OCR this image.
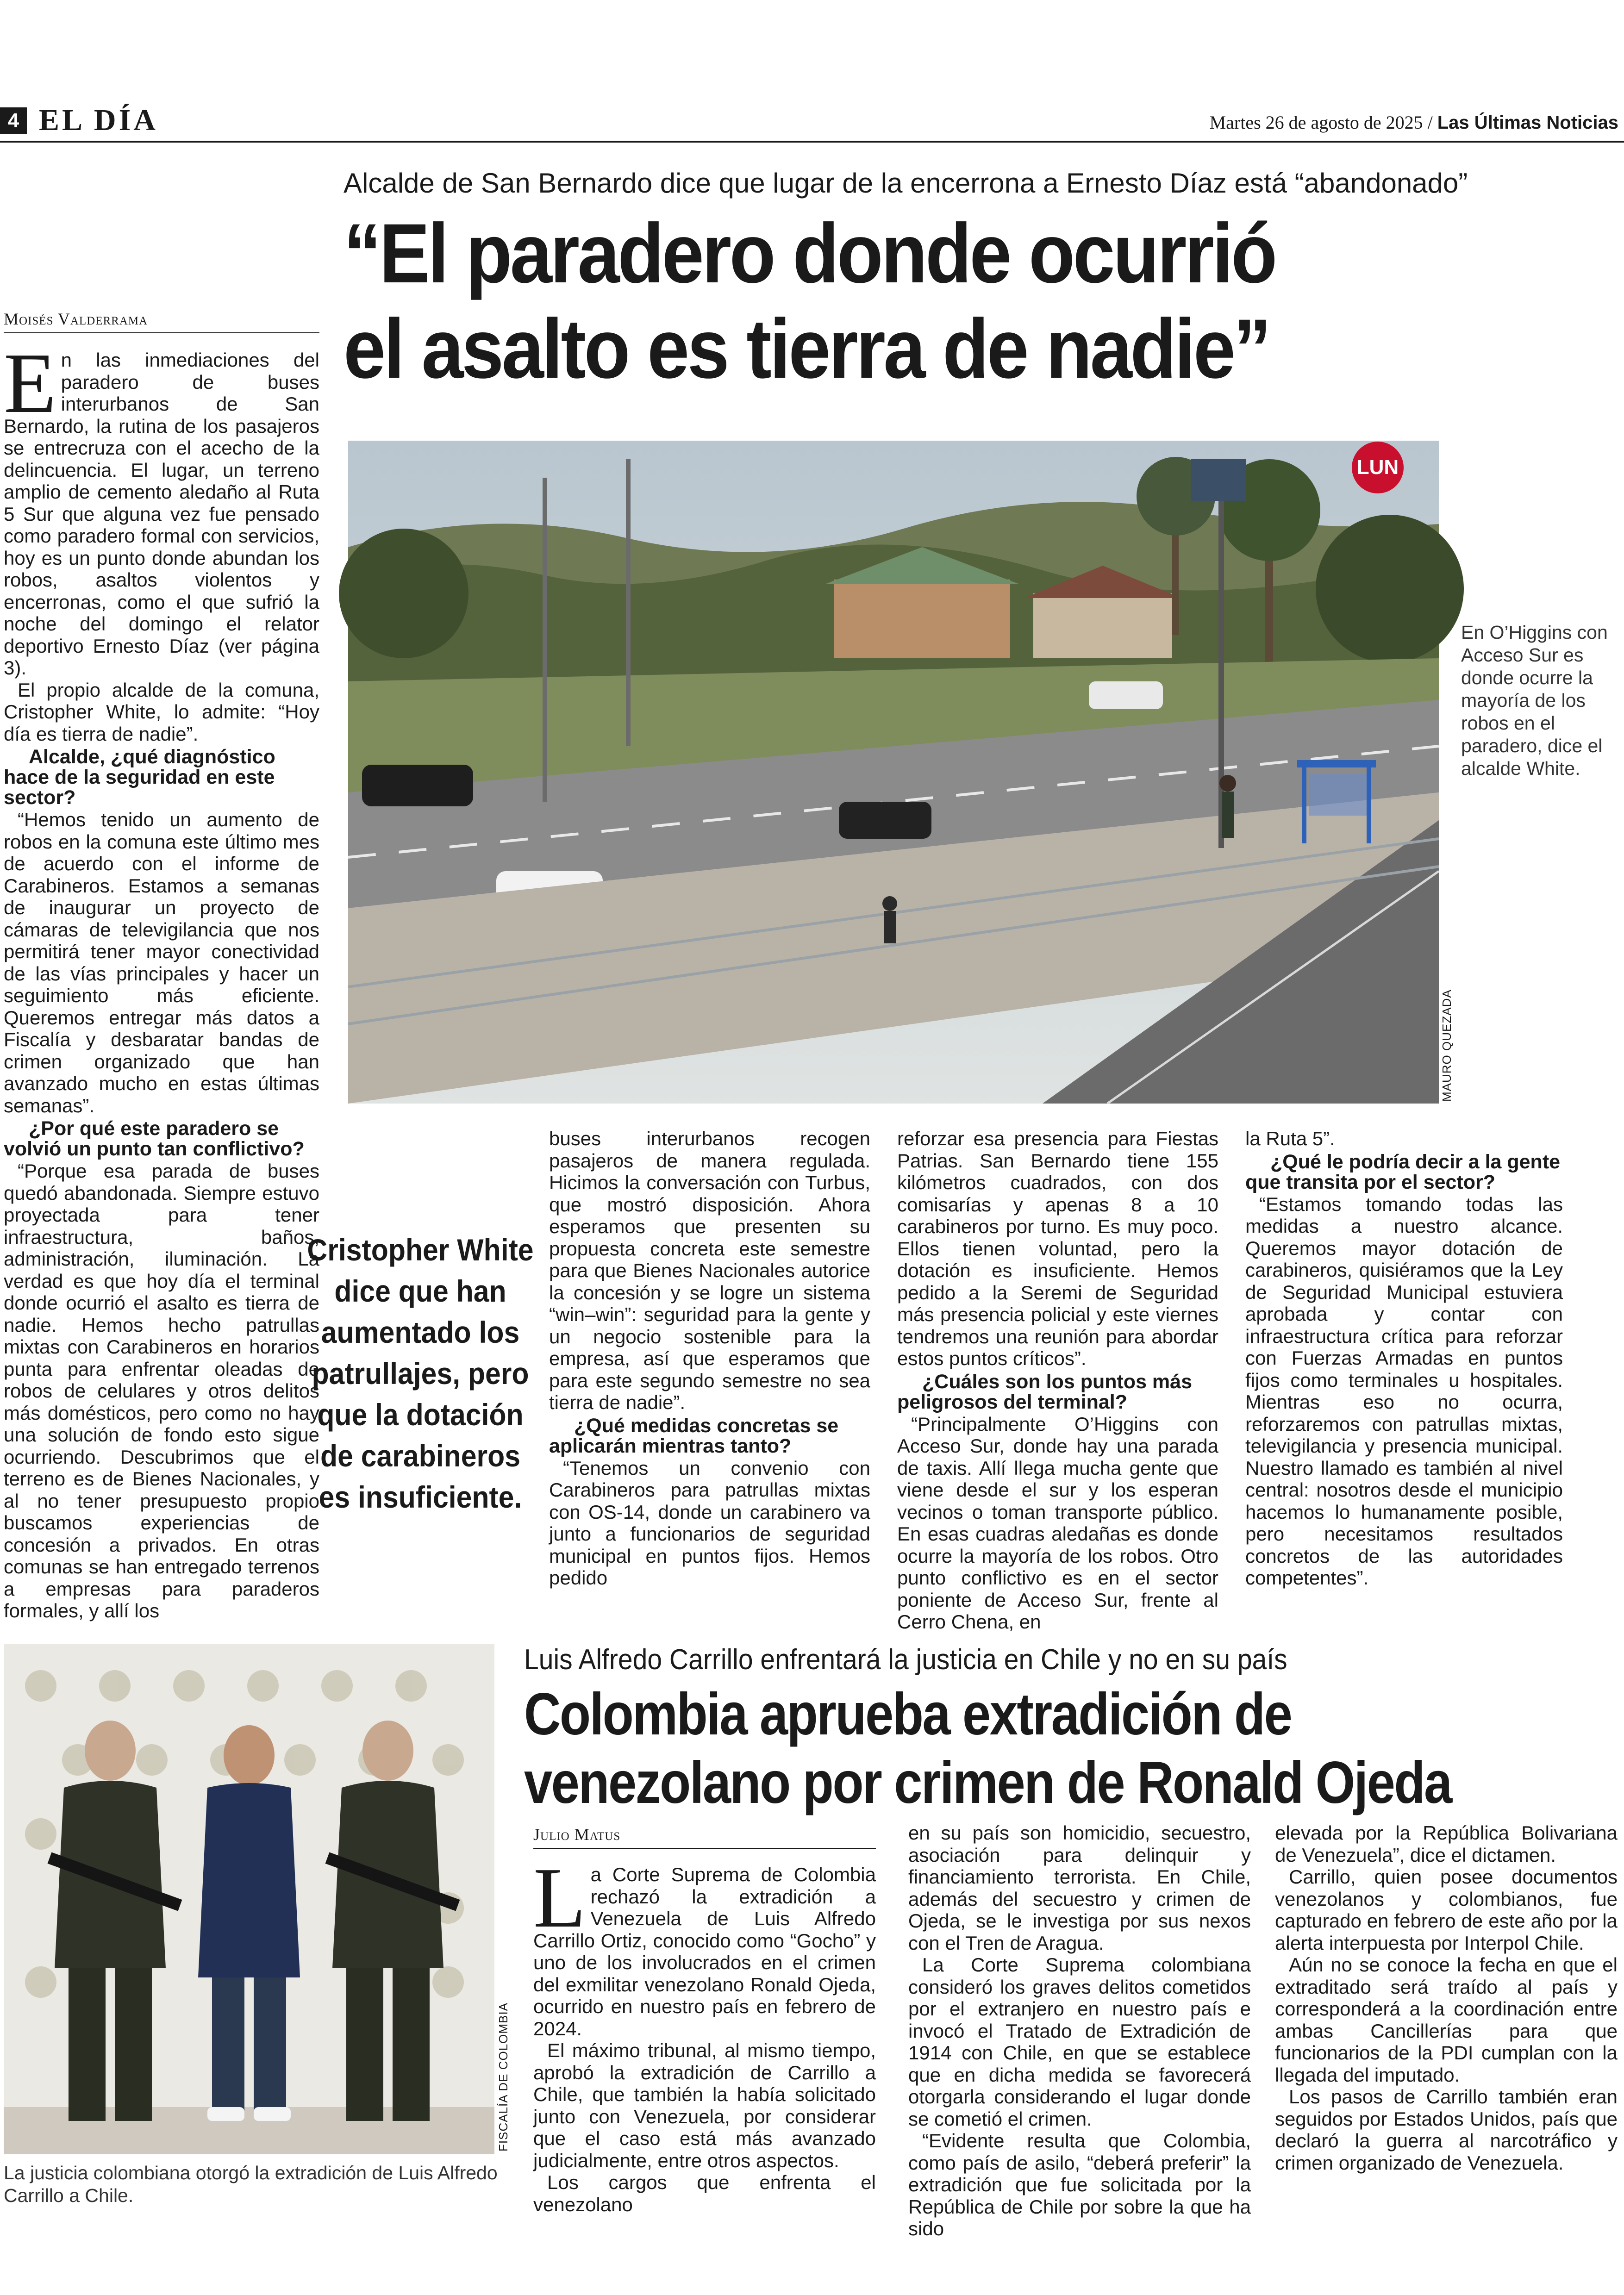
4 EL DÍA	Martes 26 de agosto de 2025 / Las Últimas Noticias
Alcalde de San Bernardo dice que lugar de la encerrona a Ernesto Díaz está “abandonado”
“El paradero donde ocurrió
el asalto es tierra de nadie”
Moisés Valderrama

En las inmediaciones del paradero de buses interurbanos de San Bernardo, la rutina de los pasajeros se entrecruza con el acecho de la delincuencia. El lugar, un terreno amplio de cemento aledaño al Ruta 5 Sur que alguna vez fue pensado como paradero formal con servicios, hoy es un punto donde abundan los robos, asaltos violentos y encerronas, como el que sufrió la noche del domingo el relator deportivo Ernesto Díaz (ver página 3).

El propio alcalde de la comuna, Cristopher White, lo admite: “Hoy día es tierra de nadie”.

Alcalde, ¿qué diagnóstico hace de la seguridad en este sector?

“Hemos tenido un aumento de robos en la comuna este último mes de acuerdo con el informe de Carabineros. Estamos a semanas de inaugurar un proyecto de cámaras de televigilancia que nos permitirá tener mayor conectividad de las vías principales y hacer un seguimiento más eficiente. Queremos entregar más datos a Fiscalía y desbaratar bandas de crimen organizado que han avanzado mucho en estas últimas semanas”.

¿Por qué este paradero se volvió un punto tan conflictivo?

“Porque esa parada de buses quedó abandonada. Siempre estuvo proyectada para tener infraestructura, baños, administración, iluminación. La verdad es que hoy día el terminal donde ocurrió el asalto es tierra de nadie. Hemos hecho patrullas mixtas con Carabineros en horarios punta para enfrentar oleadas de robos de celulares y otros delitos más domésticos, pero como no hay una solución de fondo esto sigue ocurriendo. Descubrimos que el terreno es de Bienes Nacionales, y al no tener presupuesto propio buscamos experiencias de concesión a privados. En otras comunas se han entregado terrenos a empresas para paraderos formales, y allí los

LUN
MAURO QUEZADA
En O’Higgins con Acceso Sur es donde ocurre la mayoría de los robos en el paradero, dice el alcalde White.
Cristopher White dice que han aumentado los patrullajes, pero que la dotación de carabineros es insuficiente.

buses interurbanos recogen pasajeros de manera regulada. Hicimos la conversación con Turbus, que mostró disposición. Ahora esperamos que presenten su propuesta concreta este semestre para que Bienes Nacionales autorice la concesión y se logre un sistema “win–win”: seguridad para la gente y un negocio sostenible para la empresa, así que esperamos que para este segundo semestre no sea tierra de nadie”.

¿Qué medidas concretas se aplicarán mientras tanto?

“Tenemos un convenio con Carabineros para patrullas mixtas con OS-14, donde un carabinero va junto a funcionarios de seguridad municipal en puntos fijos. Hemos pedido

reforzar esa presencia para Fiestas Patrias. San Bernardo tiene 155 kilómetros cuadrados, con dos comisarías y apenas 8 a 10 carabineros por turno. Es muy poco. Ellos tienen voluntad, pero la dotación es insuficiente. Hemos pedido a la Seremi de Seguridad más presencia policial y este viernes tendremos una reunión para abordar estos puntos críticos”.

¿Cuáles son los puntos más peligrosos del terminal?

“Principalmente O’Higgins con Acceso Sur, donde hay una parada de taxis. Allí llega mucha gente que viene desde el sur y los esperan vecinos o toman transporte público. En esas cuadras aledañas es donde ocurre la mayoría de los robos. Otro punto conflictivo es en el sector poniente de Acceso Sur, frente al Cerro Chena, en

la Ruta 5”.

¿Qué le podría decir a la gente que transita por el sector?

“Estamos tomando todas las medidas a nuestro alcance. Queremos mayor dotación de carabineros, quisiéramos que la Ley de Seguridad Municipal estuviera aprobada y contar con infraestructura crítica para reforzar con Fuerzas Armadas en puntos fijos como terminales u hospitales. Mientras eso no ocurra, reforzaremos con patrullas mixtas, televigilancia y presencia municipal. Nuestro llamado es también al nivel central: nosotros desde el municipio hacemos lo humanamente posible, pero necesitamos resultados concretos de las autoridades competentes”.

FISCALÍA DE COLOMBIA
La justicia colombiana otorgó la extradición de Luis Alfredo Carrillo a Chile.
Luis Alfredo Carrillo enfrentará la justicia en Chile y no en su país
Colombia aprueba extradición de
venezolano por crimen de Ronald Ojeda
Julio Matus

La Corte Suprema de Colombia rechazó la extradición a Venezuela de Luis Alfredo Carrillo Ortiz, conocido como “Gocho” y uno de los involucrados en el crimen del exmilitar venezolano Ronald Ojeda, ocurrido en nuestro país en febrero de 2024.

El máximo tribunal, al mismo tiempo, aprobó la extradición de Carrillo a Chile, que también la había solicitado junto con Venezuela, por considerar que el caso está más avanzado judicialmente, entre otros aspectos.

Los cargos que enfrenta el venezolano

en su país son homicidio, secuestro, asociación para delinquir y financiamiento terrorista. En Chile, además del secuestro y crimen de Ojeda, se le investiga por sus nexos con el Tren de Aragua.

La Corte Suprema colombiana consideró los graves delitos cometidos por el extranjero en nuestro país e invocó el Tratado de Extradición de 1914 con Chile, en que se establece que en dicha medida se favorecerá otorgarla considerando el lugar donde se cometió el crimen.

“Evidente resulta que Colombia, como país de asilo, “deberá preferir” la extradición que fue solicitada por la República de Chile por sobre la que ha sido

elevada por la República Bolivariana de Venezuela”, dice el dictamen.

Carrillo, quien posee documentos venezolanos y colombianos, fue capturado en febrero de este año por la alerta interpuesta por Interpol Chile.

Aún no se conoce la fecha en que el extraditado será traído al país y corresponderá a la coordinación entre ambas Cancillerías para que funcionarios de la PDI cumplan con la llegada del imputado.

Los pasos de Carrillo también eran seguidos por Estados Unidos, país que declaró la guerra al narcotráfico y crimen organizado de Venezuela.
